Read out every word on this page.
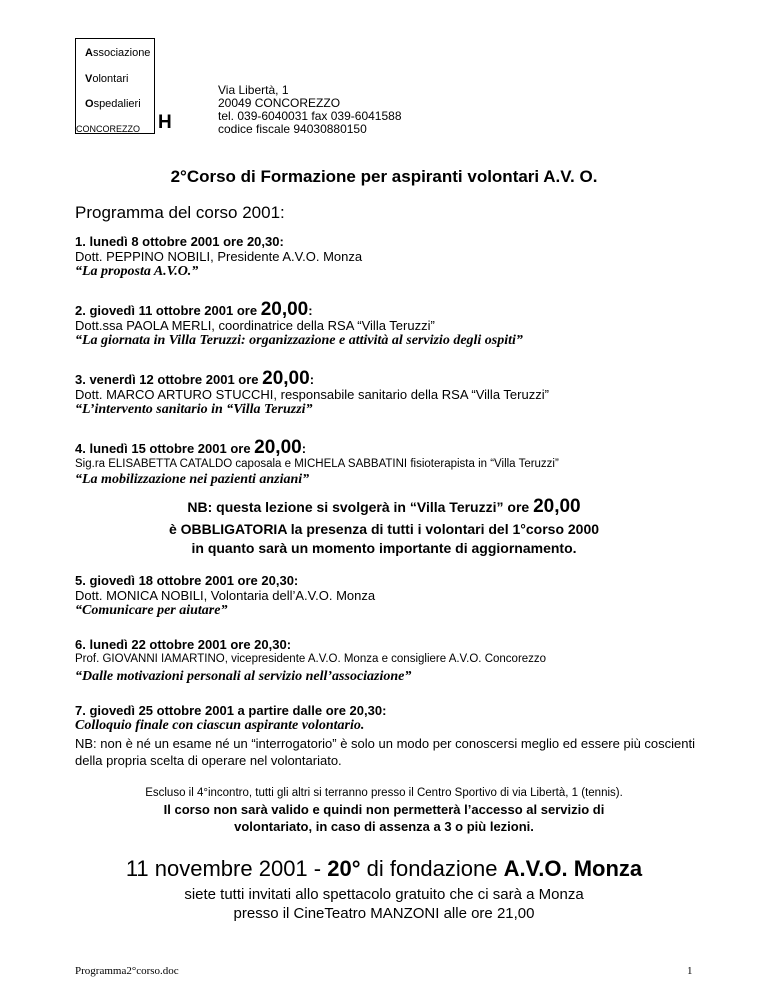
Associazione
Volontari
Ospedalieri
CONCOREZZO H
Via Libertà, 1
20049 CONCOREZZO
tel. 039-6040031 fax 039-6041588
codice fiscale 94030880150
2°Corso di Formazione per aspiranti volontari A.V. O.
Programma del corso 2001:
1. lunedì 8 ottobre 2001 ore 20,30:
Dott. PEPPINO NOBILI, Presidente A.V.O. Monza
“La proposta A.V.O.”
2. giovedì 11 ottobre 2001 ore 20,00:
Dott.ssa PAOLA MERLI, coordinatrice della RSA “Villa Teruzzi”
“La giornata in Villa Teruzzi: organizzazione e attività al servizio degli ospiti”
3. venerdì 12 ottobre 2001 ore 20,00:
Dott. MARCO ARTURO STUCCHI, responsabile sanitario della RSA “Villa Teruzzi”
“L’intervento sanitario in “Villa Teruzzi”
4. lunedì 15 ottobre 2001 ore 20,00:
Sig.ra ELISABETTA CATALDO caposala e MICHELA SABBATINI fisioterapista in “Villa Teruzzi”
“La mobilizzazione nei pazienti anziani”
NB: questa lezione si svolgerà in “Villa Teruzzi” ore 20,00
è OBBLIGATORIA la presenza di tutti i volontari del 1°corso 2000
in quanto sarà un momento importante di aggiornamento.
5. giovedì 18 ottobre 2001 ore 20,30:
Dott. MONICA NOBILI, Volontaria dell’A.V.O. Monza
“Comunicare per aiutare”
6. lunedì 22 ottobre 2001 ore 20,30:
Prof. GIOVANNI IAMARTINO, vicepresidente A.V.O. Monza e consigliere A.V.O. Concorezzo
“Dalle motivazioni personali al servizio nell’associazione”
7. giovedì 25 ottobre 2001 a partire dalle ore 20,30:
Colloquio finale con ciascun aspirante volontario.
NB: non è né un esame né un “interrogatorio” è solo un modo per conoscersi meglio ed essere più coscienti della propria scelta di operare nel volontariato.
Escluso il 4°incontro, tutti gli altri si terranno presso il Centro Sportivo di via Libertà, 1 (tennis).
Il corso non sarà valido e quindi non permetterà l’accesso al servizio di
volontariato, in caso di assenza a 3 o più lezioni.
11 novembre 2001 - 20° di fondazione A.V.O. Monza
siete tutti invitati allo spettacolo gratuito che ci sarà a Monza
presso il CineTeatro MANZONI alle ore 21,00
Programma2°corso.doc	1
